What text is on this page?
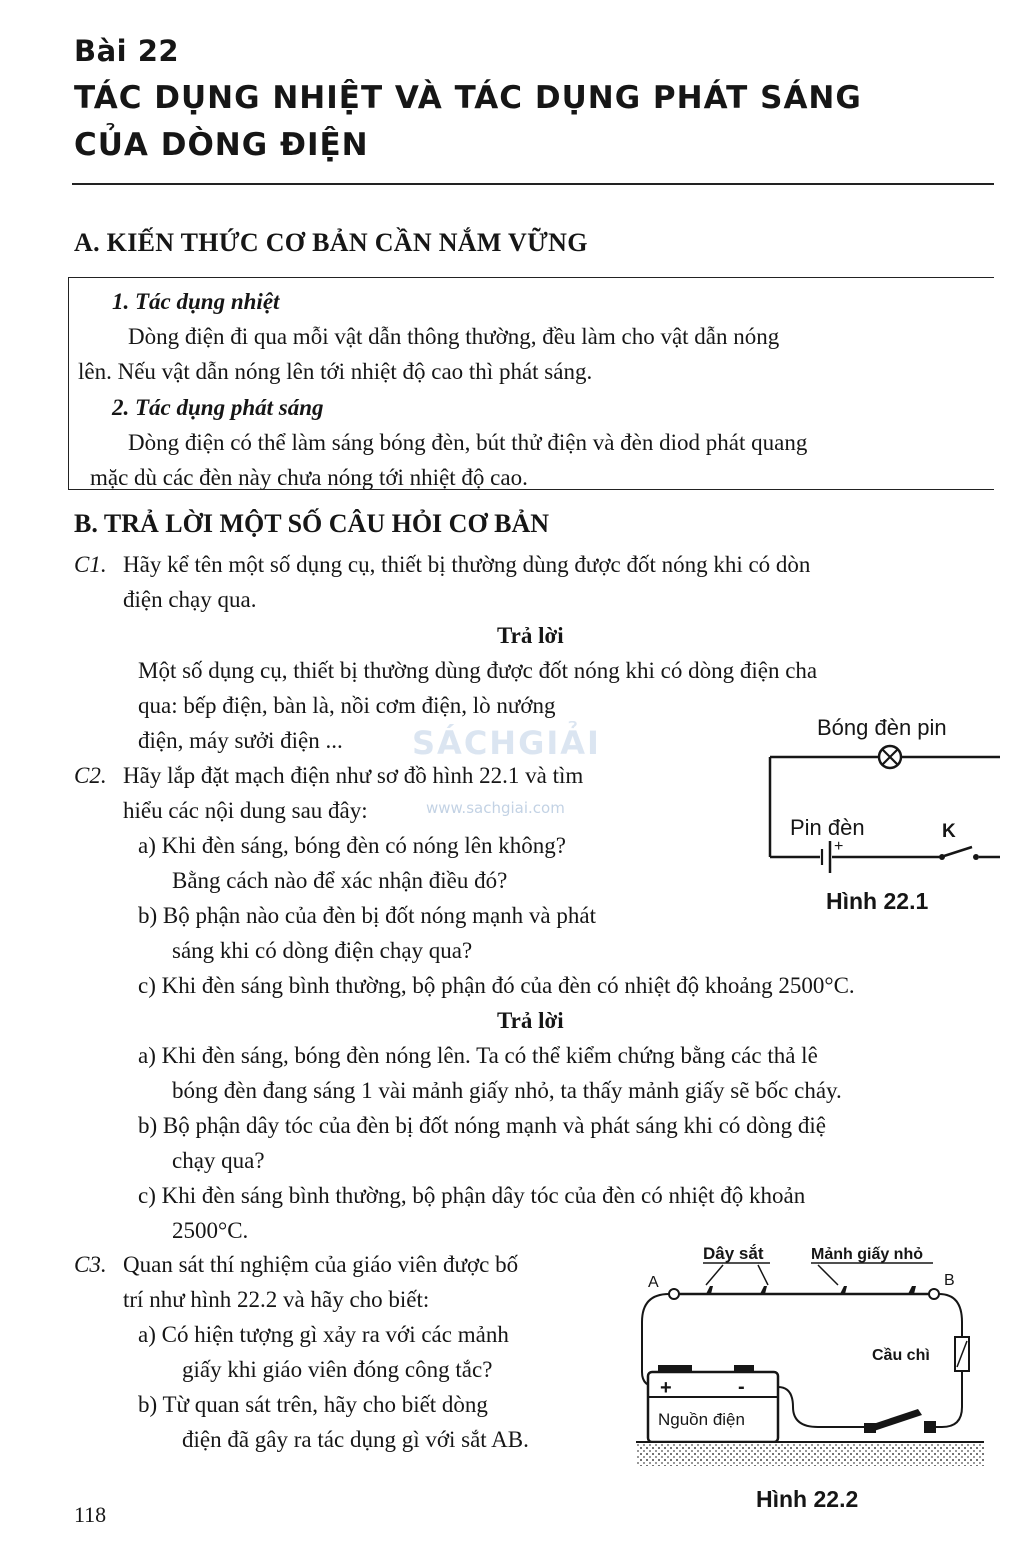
Bài 22
TÁC DỤNG NHIỆT VÀ TÁC DỤNG PHÁT SÁNG
CỦA DÒNG ĐIỆN
A. KIẾN THỨC CƠ BẢN CẦN NẮM VỮNG
1. Tác dụng nhiệt
Dòng điện đi qua mỗi vật dẫn thông thường, đều làm cho vật dẫn nóng
lên. Nếu vật dẫn nóng lên tới nhiệt độ cao thì phát sáng.
2. Tác dụng phát sáng
Dòng điện có thể làm sáng bóng đèn, bút thử điện và đèn diod phát quang
mặc dù các đèn này chưa nóng tới nhiệt độ cao.
B. TRẢ LỜI MỘT SỐ CÂU HỎI CƠ BẢN
C1. Hãy kể tên một số dụng cụ, thiết bị thường dùng được đốt nóng khi có dòn
điện chạy qua.
Trả lời
Một số dụng cụ, thiết bị thường dùng được đốt nóng khi có dòng điện cha
qua: bếp điện, bàn là, nồi cơm điện, lò nướng
điện, máy sưởi điện ...
C2. Hãy lắp đặt mạch điện như sơ đồ hình 22.1 và tìm
hiểu các nội dung sau đây:
a) Khi đèn sáng, bóng đèn có nóng lên không?
Bằng cách nào để xác nhận điều đó?
b) Bộ phận nào của đèn bị đốt nóng mạnh và phát
sáng khi có dòng điện chạy qua?
c) Khi đèn sáng bình thường, bộ phận đó của đèn có nhiệt độ khoảng 2500°C.
Trả lời
a) Khi đèn sáng, bóng đèn nóng lên. Ta có thể kiểm chứng bằng các thả lê
bóng đèn đang sáng 1 vài mảnh giấy nhỏ, ta thấy mảnh giấy sẽ bốc cháy.
b) Bộ phận dây tóc của đèn bị đốt nóng mạnh và phát sáng khi có dòng điệ
chạy qua?
c) Khi đèn sáng bình thường, bộ phận dây tóc của đèn có nhiệt độ khoản
2500°C.
C3. Quan sát thí nghiệm của giáo viên được bố
trí như hình 22.2 và hãy cho biết:
a) Có hiện tượng gì xảy ra với các mảnh
giấy khi giáo viên đóng công tắc?
b) Từ quan sát trên, hãy cho biết dòng
điện đã gây ra tác dụng gì với sắt AB.
SÁCHGIẢI
www.sachgiai.com
Bóng đèn pin
Pin đèn	K
+
Hình 22.1
Dây sắt	Mảnh giấy nhỏ
A	B
Cầu chì
+	-
Nguồn điện
Hình 22.2
118
